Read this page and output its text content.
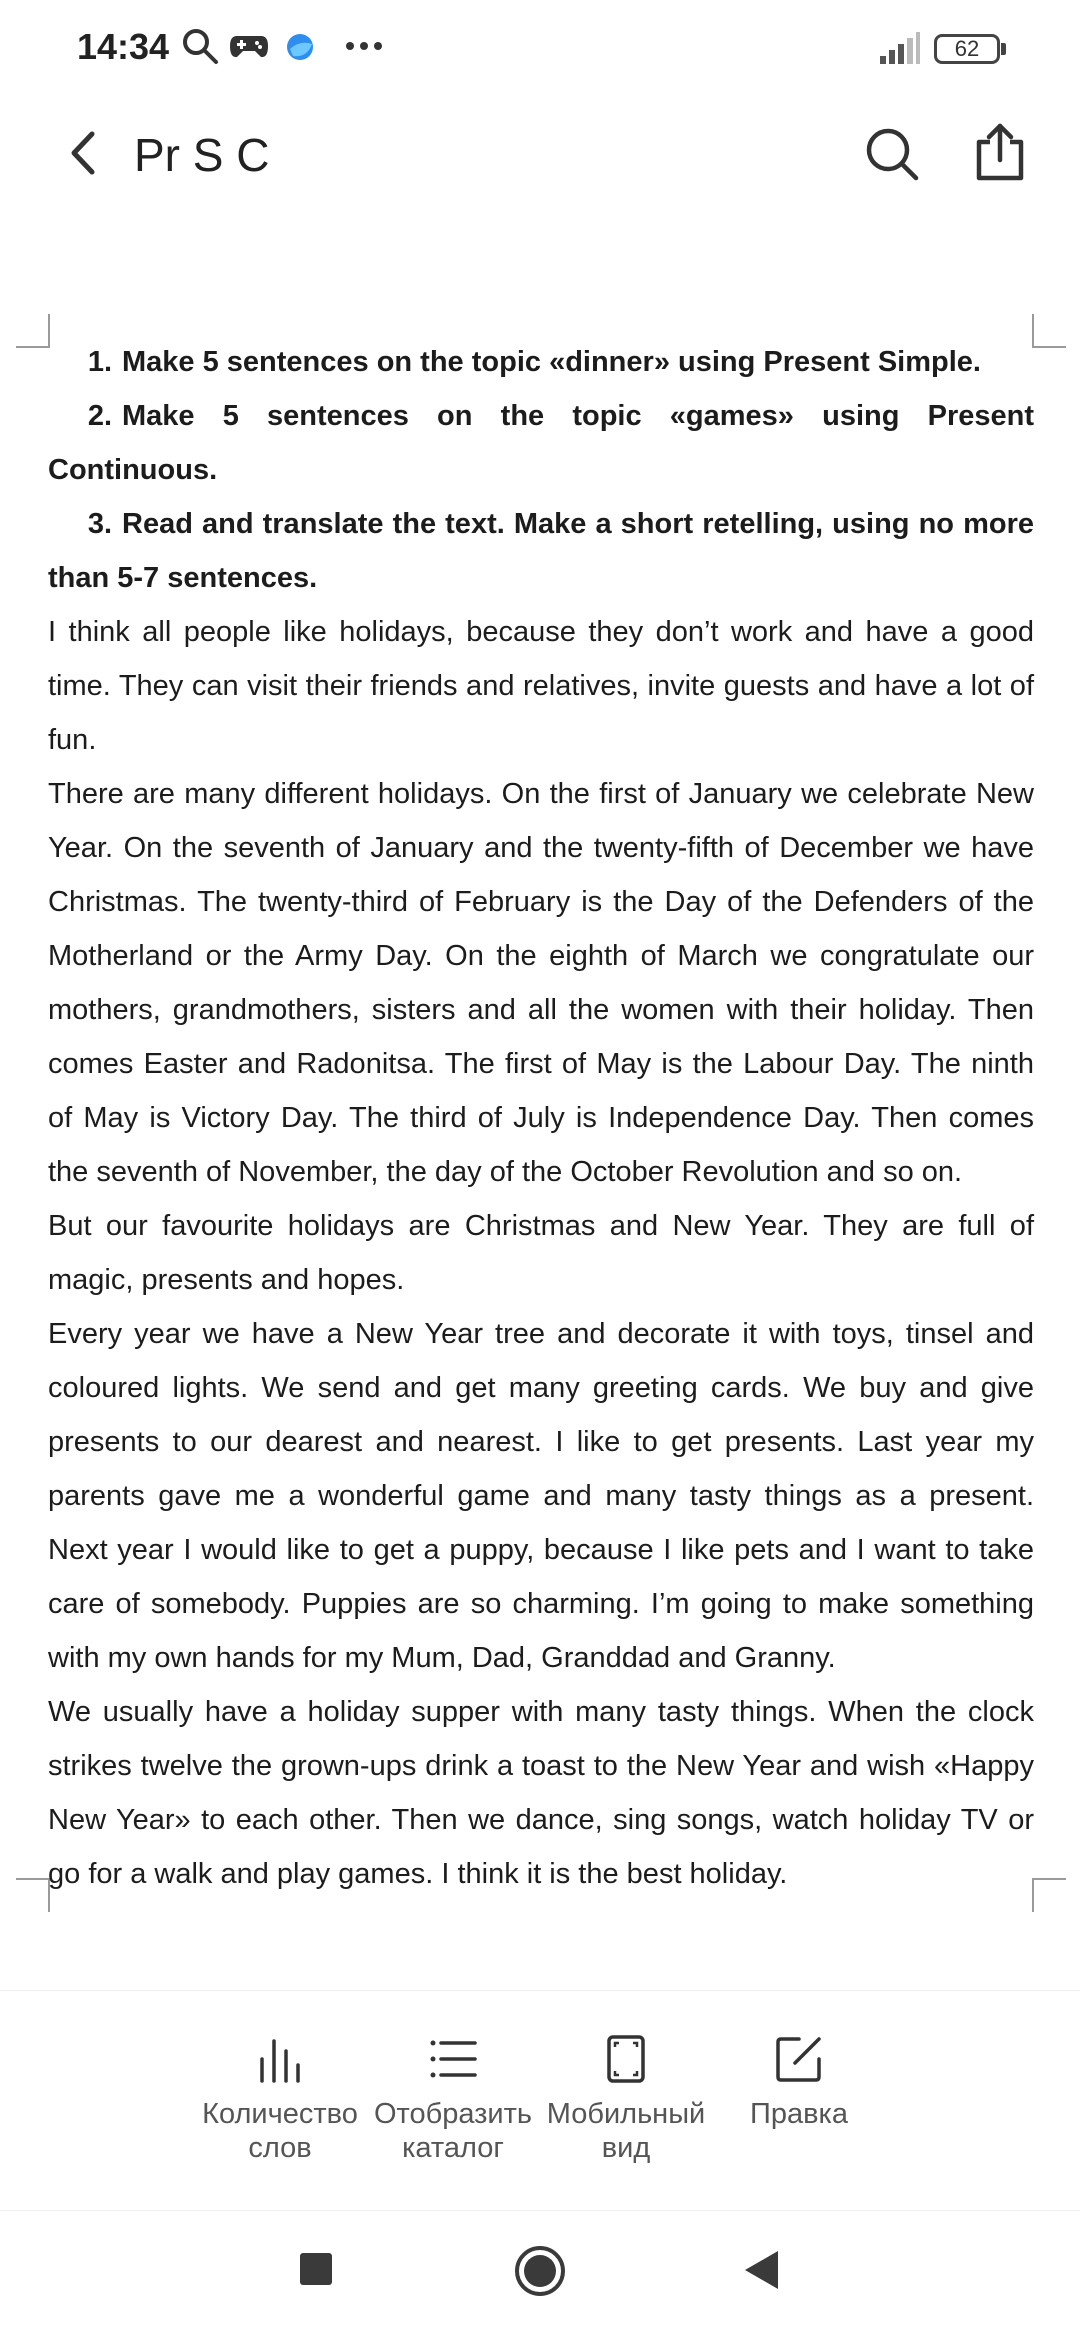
14:34	62
Pr S C
1. Make 5 sentences on the topic «dinner» using Present Simple.
2. Make 5 sentences on the topic «games» using Present Continuous.
3. Read and translate the text. Make a short retelling, using no more than 5-7 sentences.

I think all people like holidays, because they don’t work and have a good time. They can visit their friends and relatives, invite guests and have a lot of fun.

There are many different holidays. On the first of January we celebrate New Year. On the seventh of January and the twenty-fifth of December we have Christmas. The twenty-third of February is the Day of the Defenders of the Motherland or the Army Day. On the eighth of March we congratulate our mothers, grandmothers, sisters and all the women with their holiday. Then comes Easter and Radonitsa. The first of May is the Labour Day. The ninth of May is Victory Day. The third of July is Independence Day. Then comes the seventh of November, the day of the October Revolution and so on.

But our favourite holidays are Christmas and New Year. They are full of magic, presents and hopes.

Every year we have a New Year tree and decorate it with toys, tinsel and coloured lights. We send and get many greeting cards. We buy and give presents to our dearest and nearest. I like to get presents. Last year my parents gave me a wonderful game and many tasty things as a present. Next year I would like to get a puppy, because I like pets and I want to take care of somebody. Puppies are so charming. I’m going to make something with my own hands for my Mum, Dad, Granddad and Granny.

We usually have a holiday supper with many tasty things. When the clock strikes twelve the grown-ups drink a toast to the New Year and wish «Happy New Year» to each other. Then we dance, sing songs, watch holiday TV or go for a walk and play games. I think it is the best holiday.

Количество
слов
Отобразить
каталог
Мобильный
вид
Правка
